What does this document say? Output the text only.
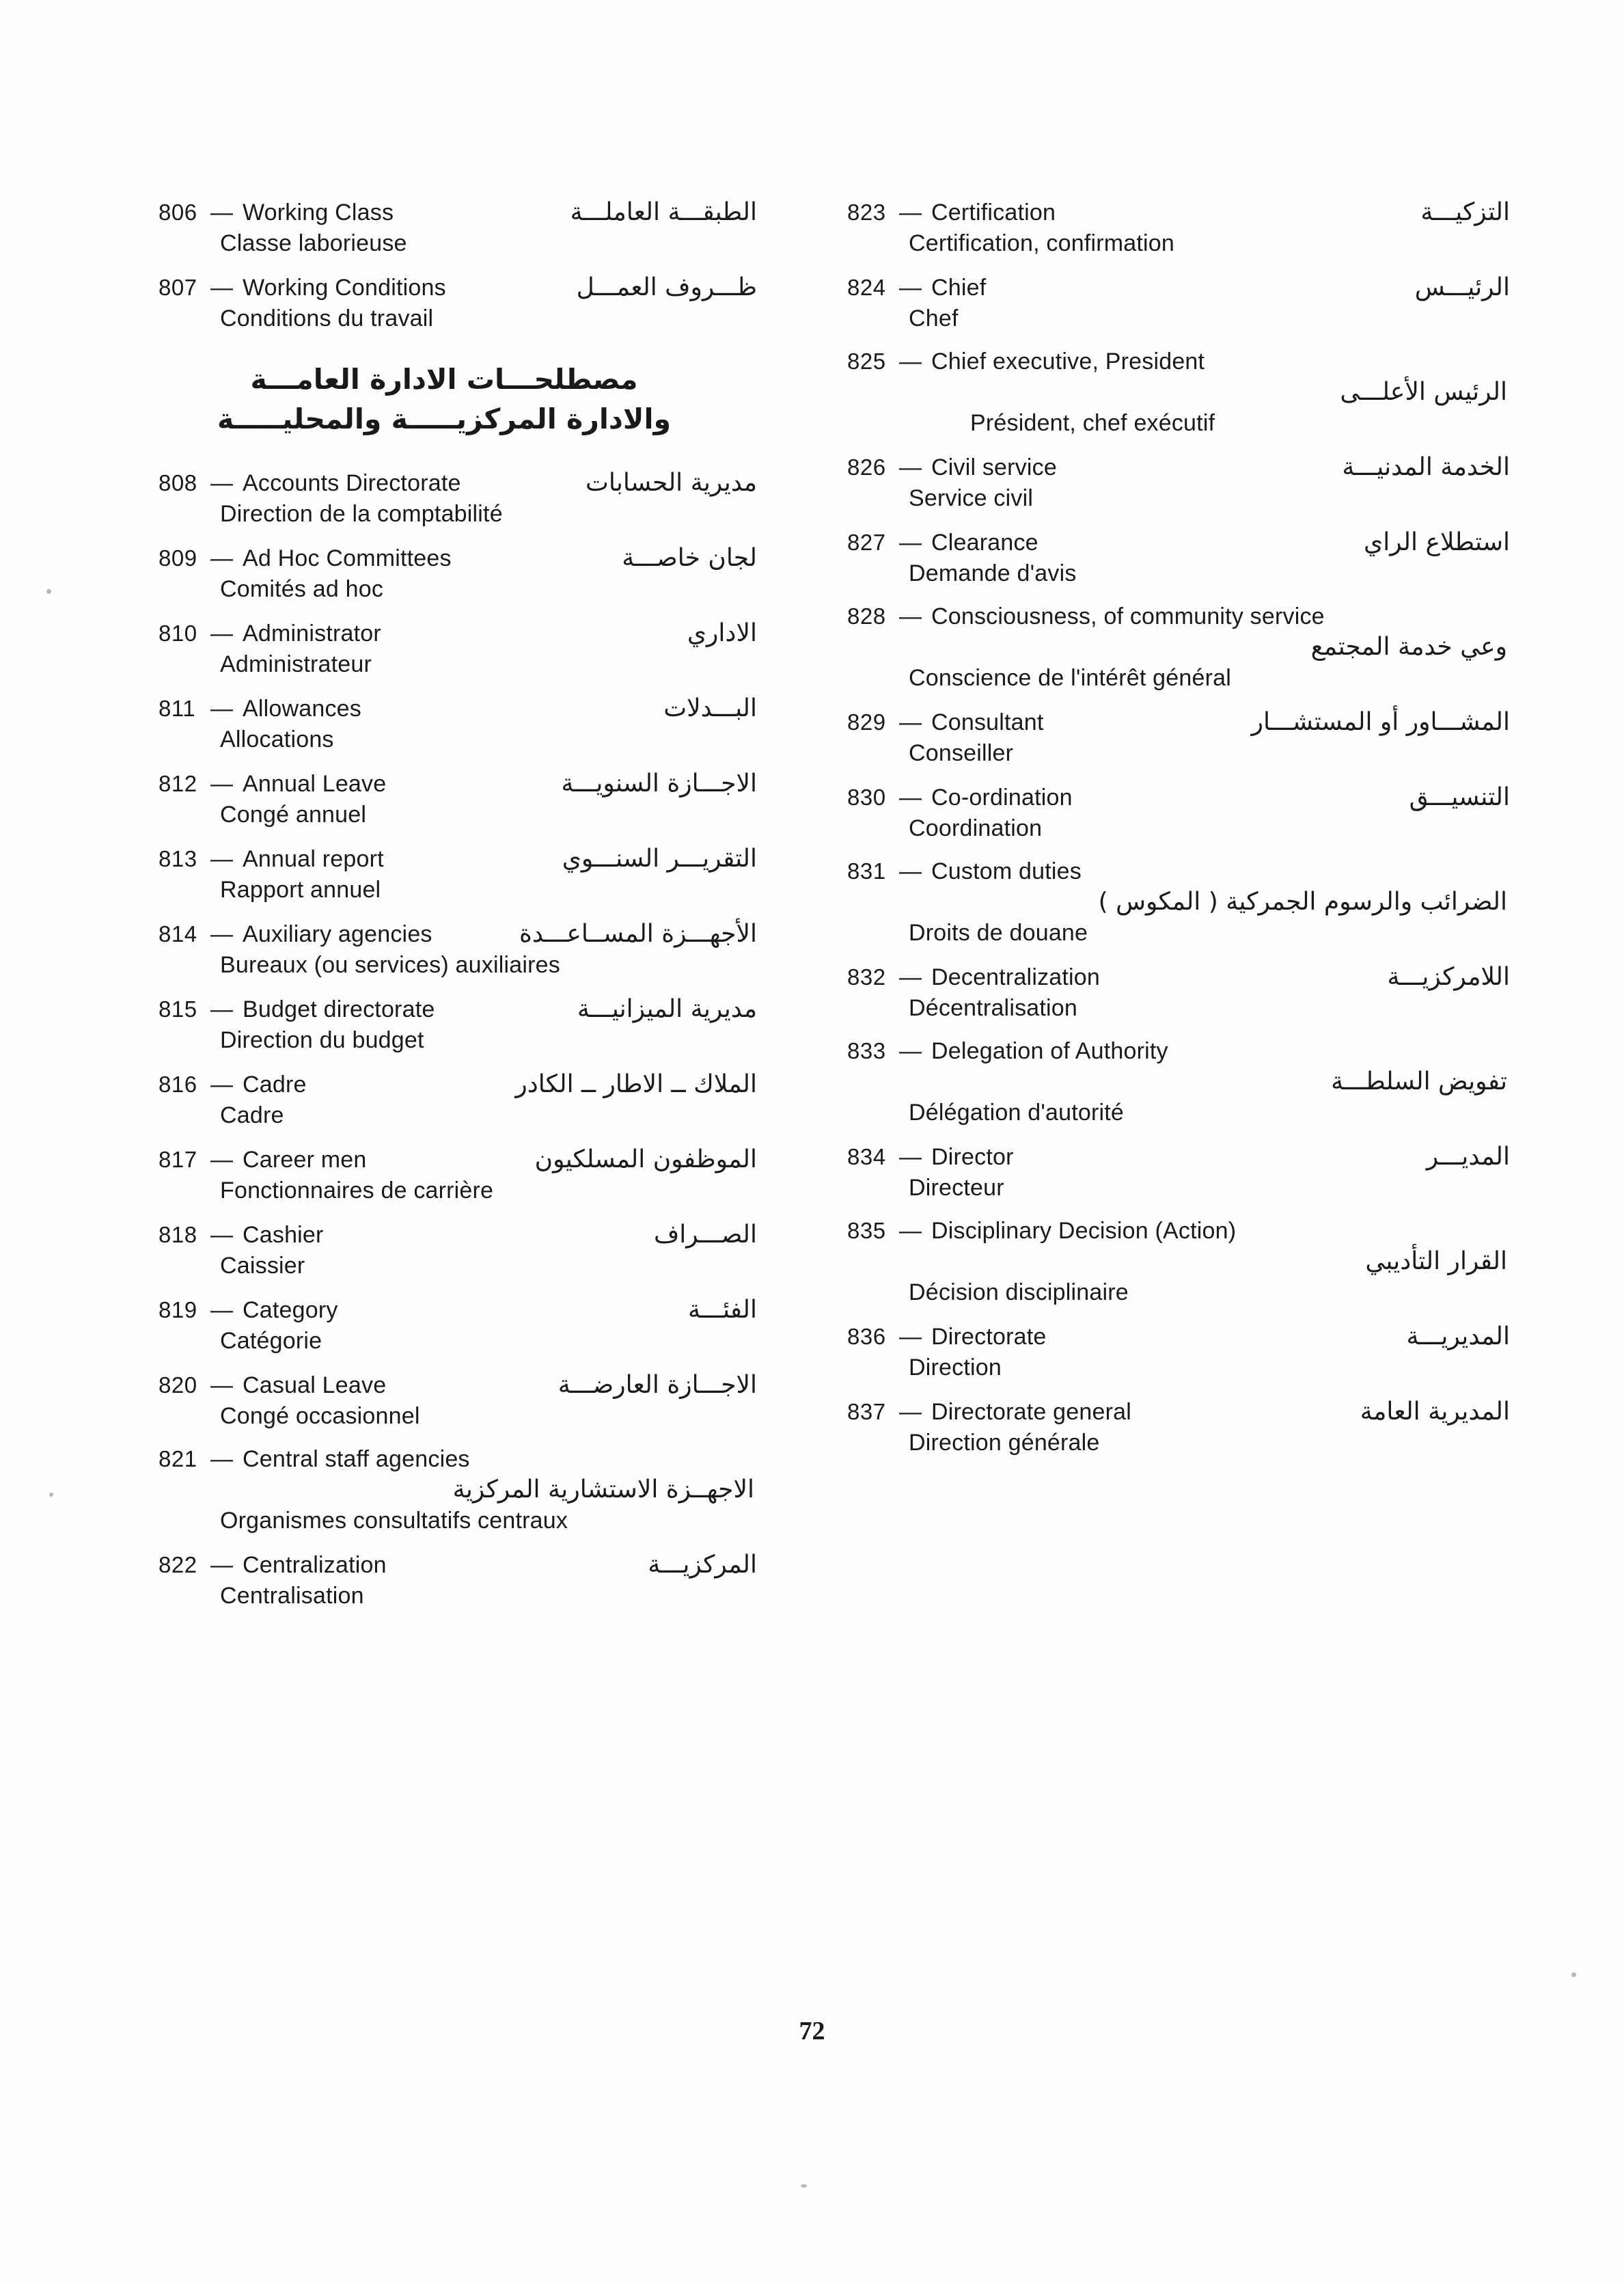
806 — Working Class	الطبقـــة العاملـــة
Classe laborieuse
807 — Working Conditions	ظـــروف العمـــل
Conditions du travail
مصطلحـــات الادارة العامـــة
والادارة المركزيـــــة والمحليـــــة
808 — Accounts Directorate	مديرية الحسابات
Direction de la comptabilité
809 — Ad Hoc Committees	لجان خاصـــة
Comités ad hoc
810 — Administrator	الاداري
Administrateur
811 — Allowances	البـــدلات
Allocations
812 — Annual Leave	الاجـــازة السنويـــة
Congé annuel
813 — Annual report	التقريـــر السنـــوي
Rapport annuel
814 — Auxiliary agencies	الأجهـــزة المســاعـــدة
Bureaux (ou services) auxiliaires
815 — Budget directorate	مديرية الميزانيـــة
Direction du budget
816 — Cadre	الملاك ــ الاطار ــ الكادر
Cadre
817 — Career men	الموظفون المسلكيون
Fonctionnaires de carrière
818 — Cashier	الصـــراف
Caissier
819 — Category	الفئـــة
Catégorie
820 — Casual Leave	الاجـــازة العارضـــة
Congé occasionnel
821 — Central staff agencies
الاجهــزة الاستشارية المركزية
Organismes consultatifs centraux
822 — Centralization	المركزيـــة
Centralisation
823 — Certification	التزكيـــة
Certification, confirmation
824 — Chief	الرئيـــس
Chef
825 — Chief executive, President
الرئيس الأعلـــى
Président, chef exécutif
826 — Civil service	الخدمة المدنيـــة
Service civil
827 — Clearance	استطلاع الراي
Demande d'avis
828 — Consciousness, of community service
وعي خدمة المجتمع
Conscience de l'intérêt général
829 — Consultant	المشـــاور أو المستشـــار
Conseiller
830 — Co-ordination	التنسيـــق
Coordination
831 — Custom duties
الضرائب والرسوم الجمركية ( المكوس )
Droits de douane
832 — Decentralization	اللامركزيـــة
Décentralisation
833 — Delegation of Authority
تفويض السلطـــة
Délégation d'autorité
834 — Director	المديـــر
Directeur
835 — Disciplinary Decision (Action)
القرار التأديبي
Décision disciplinaire
836 — Directorate	المديريـــة
Direction
837 — Directorate general	المديرية العامة
Direction générale
72
